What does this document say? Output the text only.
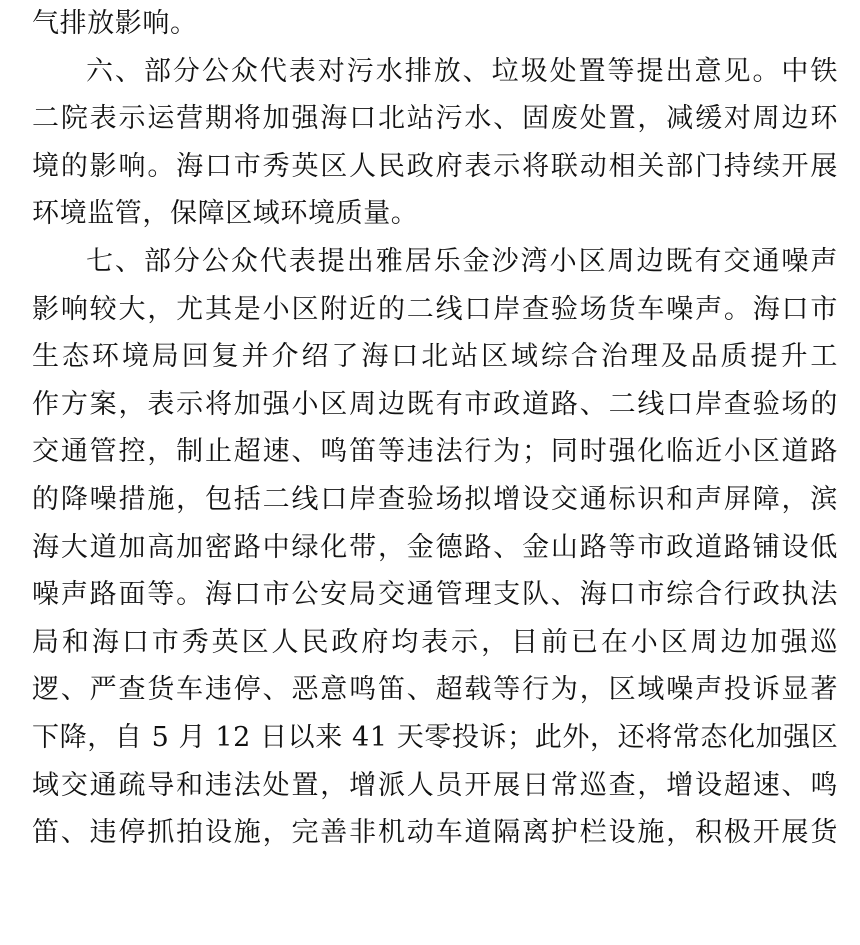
气排放影响。
六、部分公众代表对污水排放、垃圾处置等提出意见。中铁
二院表示运营期将加强海口北站污水、固废处置，减缓对周边环
境的影响。海口市秀英区人民政府表示将联动相关部门持续开展
环境监管，保障区域环境质量。
七、部分公众代表提出雅居乐金沙湾小区周边既有交通噪声
影响较大，尤其是小区附近的二线口岸查验场货车噪声。海口市
生态环境局回复并介绍了海口北站区域综合治理及品质提升工
作方案，表示将加强小区周边既有市政道路、二线口岸查验场的
交通管控，制止超速、鸣笛等违法行为；同时强化临近小区道路
的降噪措施，包括二线口岸查验场拟增设交通标识和声屏障，滨
海大道加高加密路中绿化带，金德路、金山路等市政道路铺设低
噪声路面等。海口市公安局交通管理支队、海口市综合行政执法
局和海口市秀英区人民政府均表示，目前已在小区周边加强巡
逻、严查货车违停、恶意鸣笛、超载等行为，区域噪声投诉显著
下降，自 5 月 12 日以来 41 天零投诉；此外，还将常态化加强区
域交通疏导和违法处置，增派人员开展日常巡查，增设超速、鸣
笛、违停抓拍设施，完善非机动车道隔离护栏设施，积极开展货
